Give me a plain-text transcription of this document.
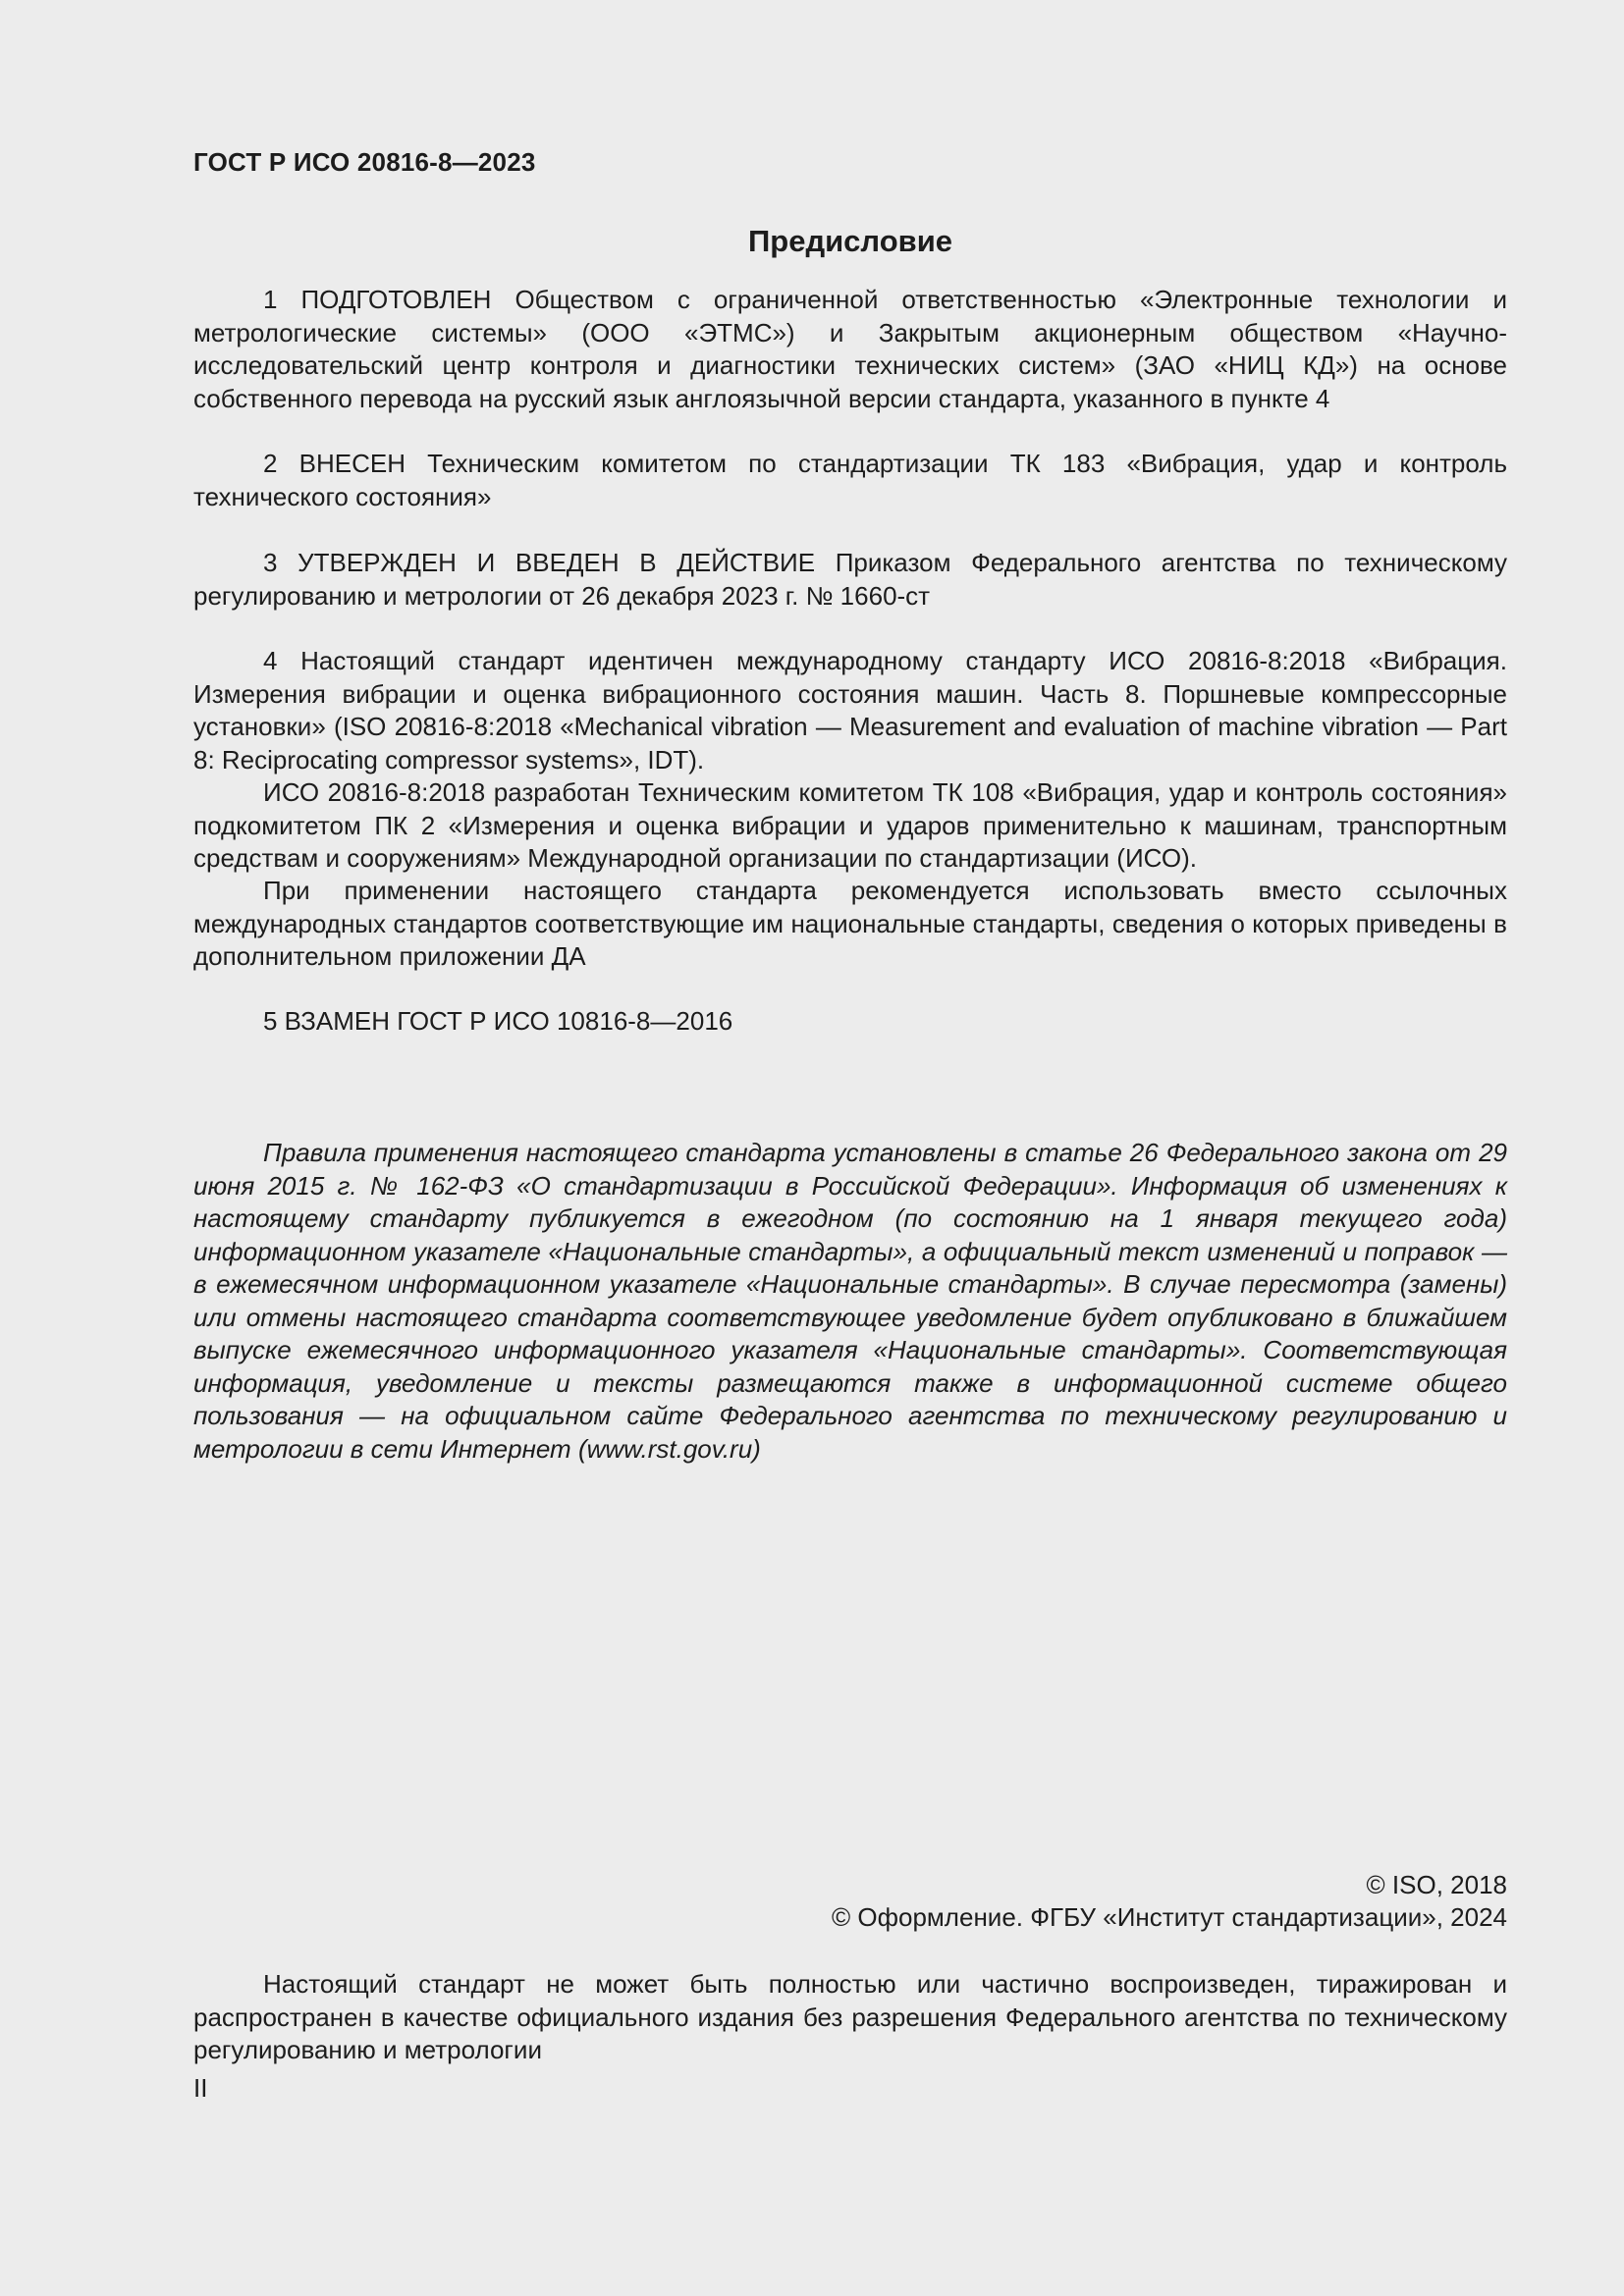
ГОСТ Р ИСО 20816-8—2023
Предисловие

1 ПОДГОТОВЛЕН Обществом с ограниченной ответственностью «Электронные технологии и метрологические системы» (ООО «ЭТМС») и Закрытым акционерным обществом «Научно-исследовательский центр контроля и диагностики технических систем» (ЗАО «НИЦ КД») на основе собственного перевода на русский язык англоязычной версии стандарта, указанного в пункте 4

2 ВНЕСЕН Техническим комитетом по стандартизации ТК 183 «Вибрация, удар и контроль технического состояния»

3 УТВЕРЖДЕН И ВВЕДЕН В ДЕЙСТВИЕ Приказом Федерального агентства по техническому регулированию и метрологии от 26 декабря 2023 г. № 1660-ст

4 Настоящий стандарт идентичен международному стандарту ИСО 20816-8:2018 «Вибрация. Измерения вибрации и оценка вибрационного состояния машин. Часть 8. Поршневые компрессорные установки» (ISO 20816-8:2018 «Mechanical vibration — Measurement and evaluation of machine vibration — Part 8: Reciprocating compressor systems», IDT).

ИСО 20816-8:2018 разработан Техническим комитетом ТК 108 «Вибрация, удар и контроль состояния» подкомитетом ПК 2 «Измерения и оценка вибрации и ударов применительно к машинам, транспортным средствам и сооружениям» Международной организации по стандартизации (ИСО).

При применении настоящего стандарта рекомендуется использовать вместо ссылочных международных стандартов соответствующие им национальные стандарты, сведения о которых приведены в дополнительном приложении ДА

5 ВЗАМЕН ГОСТ Р ИСО 10816-8—2016

Правила применения настоящего стандарта установлены в статье 26 Федерального закона от 29 июня 2015 г. № 162-ФЗ «О стандартизации в Российской Федерации». Информация об изменениях к настоящему стандарту публикуется в ежегодном (по состоянию на 1 января текущего года) информационном указателе «Национальные стандарты», а официальный текст изменений и поправок — в ежемесячном информационном указателе «Национальные стандарты». В случае пересмотра (замены) или отмены настоящего стандарта соответствующее уведомление будет опубликовано в ближайшем выпуске ежемесячного информационного указателя «Национальные стандарты». Соответствующая информация, уведомление и тексты размещаются также в информационной системе общего пользования — на официальном сайте Федерального агентства по техническому регулированию и метрологии в сети Интернет (www.rst.gov.ru)

© ISO, 2018
© Оформление. ФГБУ «Институт стандартизации», 2024

Настоящий стандарт не может быть полностью или частично воспроизведен, тиражирован и распространен в качестве официального издания без разрешения Федерального агентства по техническому регулированию и метрологии

II
